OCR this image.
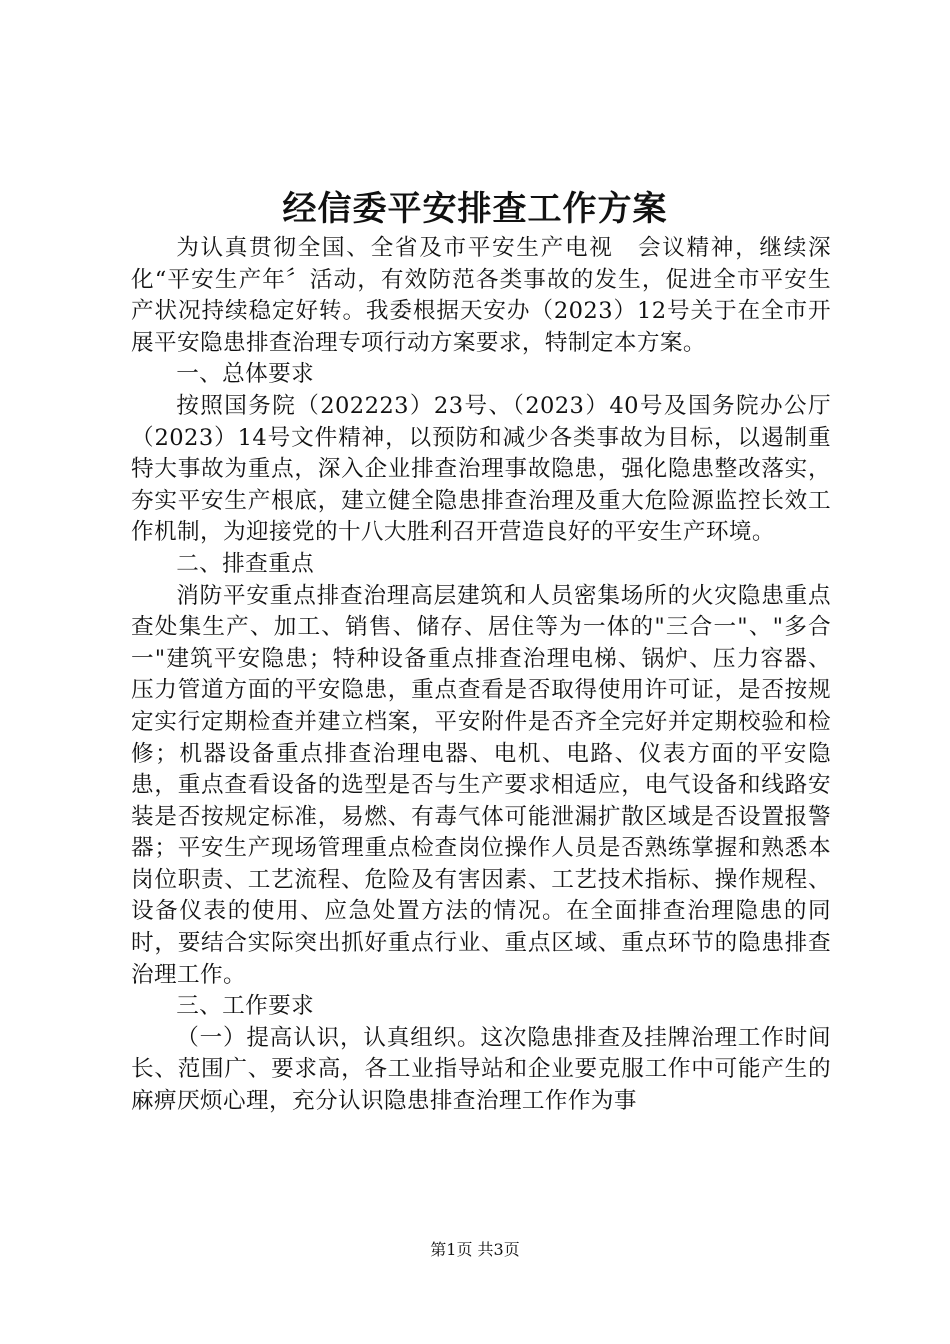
经信委平安排查工作方案

为认真贯彻全国、全省及市平安生产电视　会议精神，继续深化“平安生产年〞活动，有效防范各类事故的发生，促进全市平安生产状况持续稳定好转。我委根据天安办（2023）12号关于在全市开展平安隐患排查治理专项行动方案要求，特制定本方案。

一、总体要求

按照国务院（202223）23号、（2023）40号及国务院办公厅（2023）14号文件精神，以预防和减少各类事故为目标，以遏制重特大事故为重点，深入企业排查治理事故隐患，强化隐患整改落实，夯实平安生产根底，建立健全隐患排查治理及重大危险源监控长效工作机制，为迎接党的十八大胜利召开营造良好的平安生产环境。

二、排查重点

消防平安重点排查治理高层建筑和人员密集场所的火灾隐患重点查处集生产、加工、销售、储存、居住等为一体的"三合一"、"多合一"建筑平安隐患；特种设备重点排查治理电梯、锅炉、压力容器、压力管道方面的平安隐患，重点查看是否取得使用许可证，是否按规定实行定期检查并建立档案，平安附件是否齐全完好并定期校验和检修；机器设备重点排查治理电器、电机、电路、仪表方面的平安隐患，重点查看设备的选型是否与生产要求相适应，电气设备和线路安装是否按规定标准，易燃、有毒气体可能泄漏扩散区域是否设置报警器；平安生产现场管理重点检查岗位操作人员是否熟练掌握和熟悉本岗位职责、工艺流程、危险及有害因素、工艺技术指标、操作规程、设备仪表的使用、应急处置方法的情况。在全面排查治理隐患的同时，要结合实际突出抓好重点行业、重点区域、重点环节的隐患排查治理工作。

三、工作要求

（一）提高认识，认真组织。这次隐患排查及挂牌治理工作时间长、范围广、要求高，各工业指导站和企业要克服工作中可能产生的麻痹厌烦心理，充分认识隐患排查治理工作作为事

第1页 共3页
